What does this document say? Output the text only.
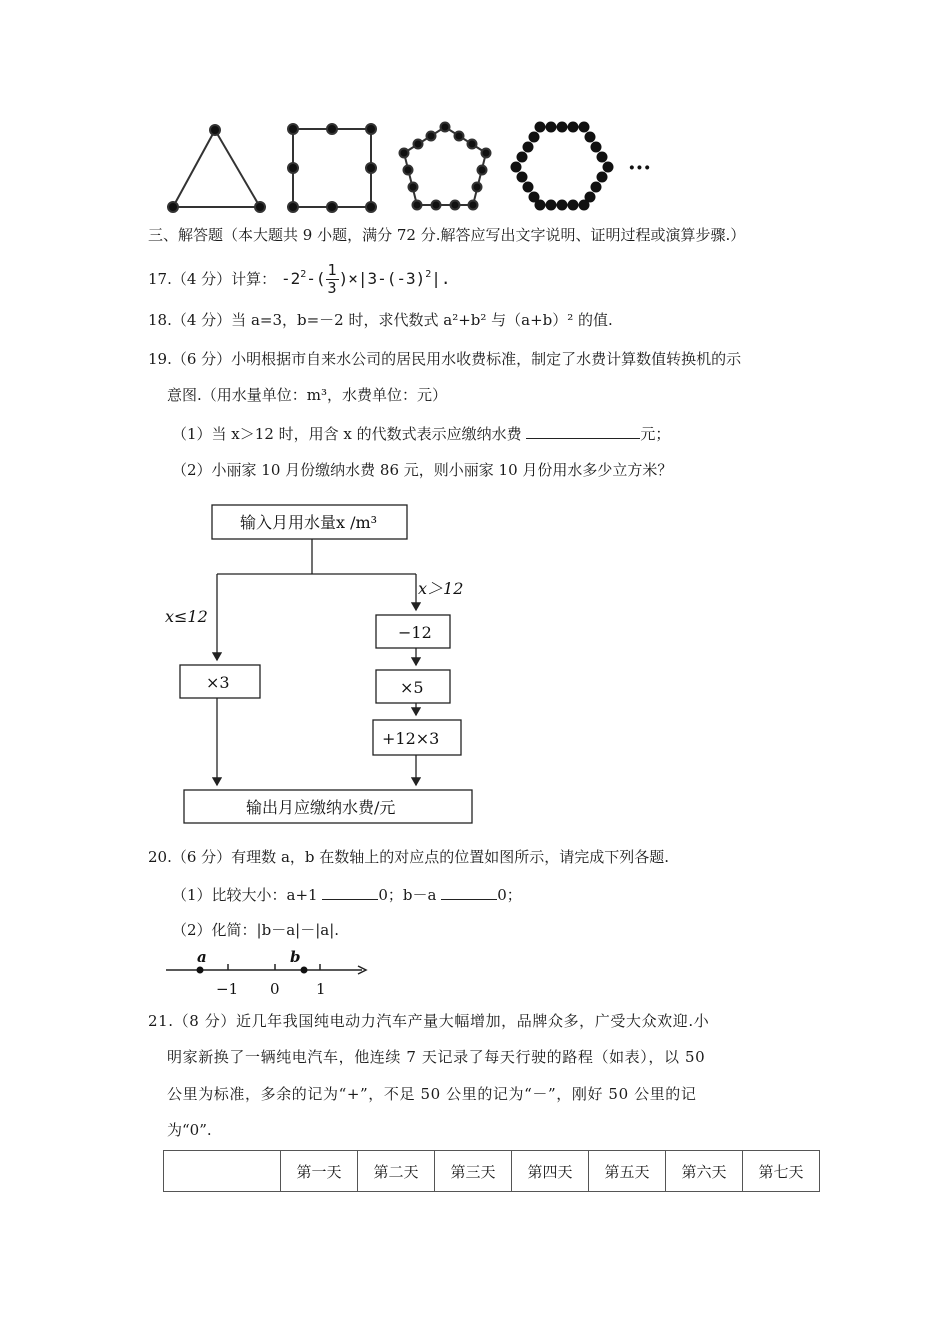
···
三、解答题（本大题共 9 小题，满分 72 分.解答应写出文字说明、证明过程或演算步骤.）
17.（4 分）计算： $-2^2-( \frac{1}{3} )\times|3-(-3)^2|$.
18.（4 分）当 a=3，b=－2 时，求代数式 a²+b² 与（a+b）² 的值.
19.（6 分）小明根据市自来水公司的居民用水收费标准，制定了水费计算数值转换机的示
意图.（用水量单位：m³，水费单位：元）
（1）当 x＞12 时，用含 x 的代数式表示应缴纳水费	元；
（2）小丽家 10 月份缴纳水费 86 元，则小丽家 10 月份用水多少立方米？
输入月用水量x /m³
x≤12
x＞12
×3
−12
×5
+12×3
输出月应缴纳水费/元
20.（6 分）有理数 a，b 在数轴上的对应点的位置如图所示，请完成下列各题.
（1）比较大小：a+1	0；b－a	0；
（2）化简：|b－a|－|a|.
a	b
−1 0 1
21.（8 分）近几年我国纯电动力汽车产量大幅增加，品牌众多，广受大众欢迎.小
明家新换了一辆纯电汽车，他连续 7 天记录了每天行驶的路程（如表），以 50
公里为标准，多余的记为“+”，不足 50 公里的记为“－”，刚好 50 公里的记
为“0”.
	第一天	第二天	第三天	第四天	第五天	第六天	第七天
